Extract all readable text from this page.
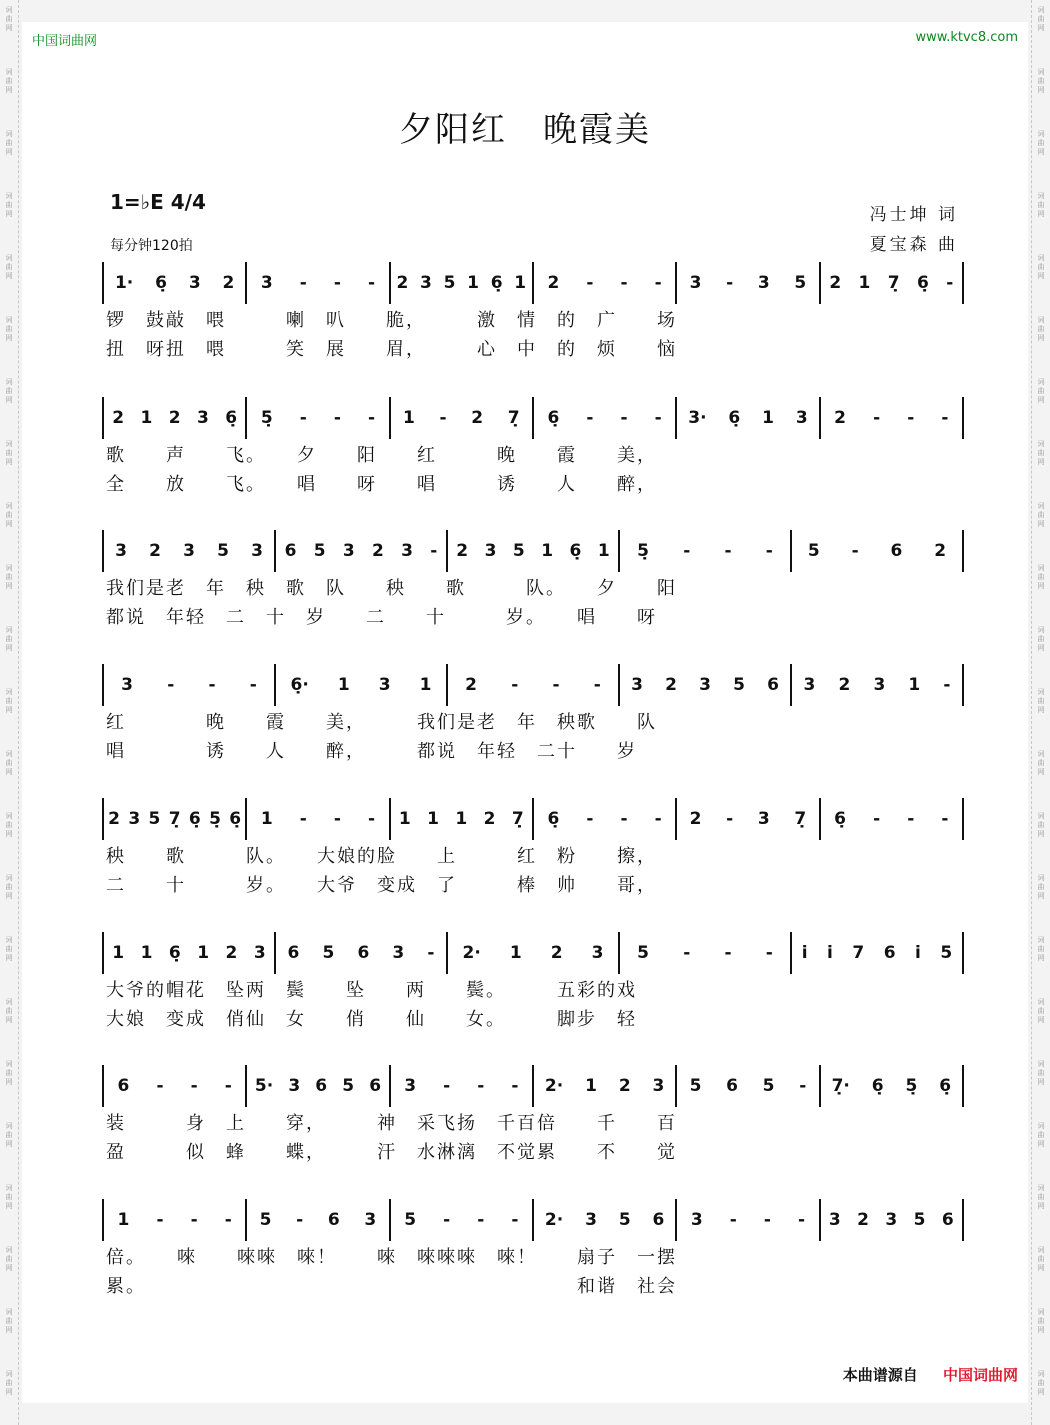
词
曲
网
词
曲
网
词
曲
网
词
曲
网
词
曲
网
词
曲
网
词
曲
网
词
曲
网
词
曲
网
词
曲
网
词
曲
网
词
曲
网
词
曲
网
词
曲
网
词
曲
网
词
曲
网
词
曲
网
词
曲
网
词
曲
网
词
曲
网
词
曲
网
词
曲
网
词
曲
网
词
曲
网
词
曲
网
词
曲
网
词
曲
网
词
曲
网
词
曲
网
词
曲
网
词
曲
网
词
曲
网
词
曲
网
词
曲
网
词
曲
网
词
曲
网
词
曲
网
词
曲
网
词
曲
网
词
曲
网
词
曲
网
词
曲
网
词
曲
网
词
曲
网
词
曲
网
词
曲
网
中国词曲网	www.ktvc8.com
夕阳红　晚霞美
1=♭E 4/4
每分钟120拍
冯士坤 词
夏宝森 曲
1· 6̣ 3 2 3 - - - 2 3 5 1 6̣ 1 2 - - - 3 - 3 5 2 1 7̣ 6̣ -
锣　鼓敲　喂　　　喇　叭　　脆，　　　激　情　的　广　　场
扭　呀扭　喂　　　笑　展　　眉，　　　心　中　的　烦　　恼
2 1 2 3 6̣ 5̣ - - - 1 - 2 7̣ 6̣ - - - 3· 6̣ 1 3 2 - - -
歌　　声　　飞。　　夕　　阳　　红　　　晚　　霞　　美，
全　　放　　飞。　　唱　　呀　　唱　　　诱　　人　　醉，
3 2 3 5 3 6 5 3 2 3 - 2 3 5 1 6̣ 1 5̣ - - - 5 - 6 2
我们是老　年　秧　歌　队　　秧　　歌　　　队。　　夕　　阳
都说　年轻　二　十　岁　　二　　十　　　岁。　　唱　　呀
3 - - - 6̣· 1 3 1 2 - - - 3 2 3 5 6 3 2 3 1 -
红　　　　晚　　霞　　美，　　　我们是老　年　秧歌　　队
唱　　　　诱　　人　　醉，　　　都说　年轻　二十　　岁
2 3 5 7̣ 6̣ 5̣ 6̣ 1 - - - 1 1 1 2 7̣ 6̣ - - - 2 - 3 7̣ 6̣ - - -
秧　　歌　　　队。　　大娘的脸　　上　　　红　粉　　擦，
二　　十　　　岁。　　大爷　变成　了　　　棒　帅　　哥，
1 1 6̣ 1 2 3 6 5 6 3 - 2· 1 2 3 5 - - - i i 7 6 i 5
大爷的帽花　坠两　鬓　　坠　　两　　鬓。　　　五彩的戏
大娘　变成　俏仙　女　　俏　　仙　　女。　　　脚步　轻
6 - - - 5· 3 6 5 6 3 - - - 2· 1 2 3 5 6 5 - 7̣· 6̣ 5̣ 6̣
装　　　身　上　　穿，　　　神　采飞扬　千百倍　　千　　百
盈　　　似　蜂　　蝶，　　　汗　水淋漓　不觉累　　不　　觉
1 - - - 5 - 6 3 5 - - - 2· 3 5 6 3 - - - 3 2 3 5 6
倍。　　唻　　唻唻　唻！　　唻　唻唻唻　唻！　　扇子　一摆
累。　　　　　　　　　　　　　　　　　　　　　　和谐　社会
本曲谱源自 中国词曲网
